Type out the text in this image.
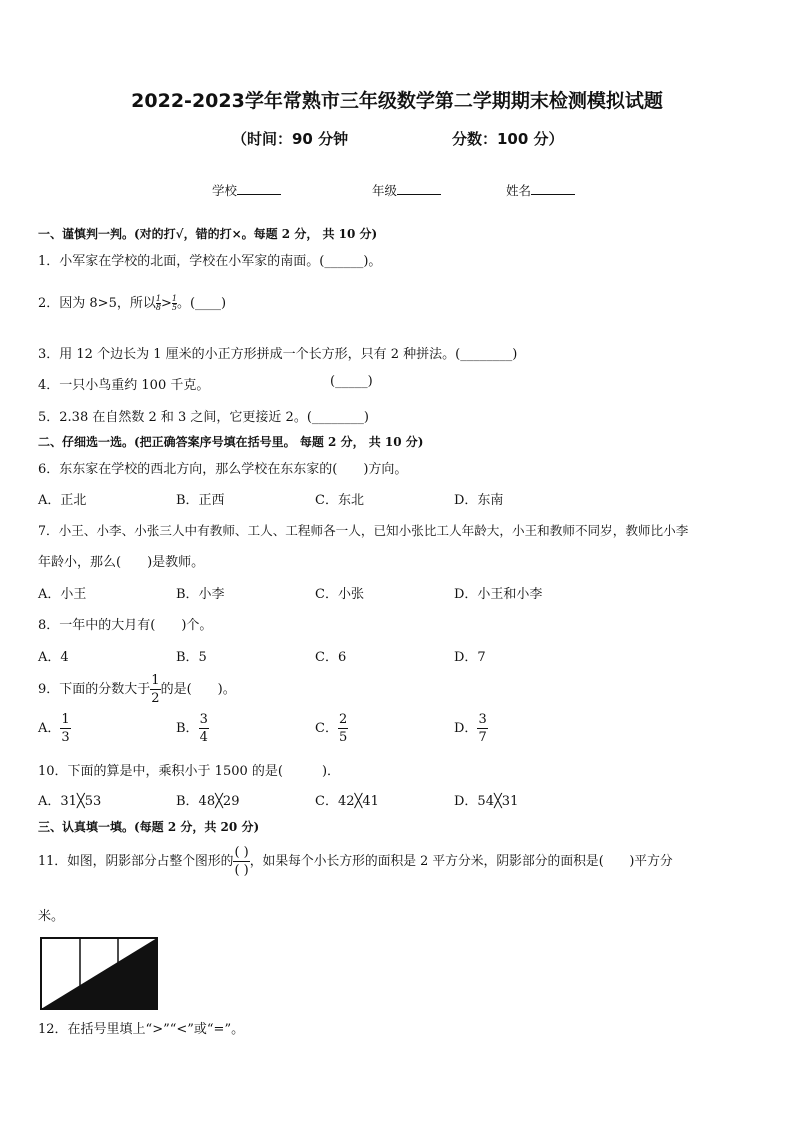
2022-2023学年常熟市三年级数学第二学期期末检测模拟试题
（时间：90 分钟	分数：100 分）
学校	年级	姓名
一、谨慎判一判。(对的打√，错的打×。每题 2 分， 共 10 分)
1．小军家在学校的北面，学校在小军家的南面。(______)。
2．因为 8>5，所以 $\frac{1}{8} > \frac{1}{5}$ 。(____)
3．用 12 个边长为 1 厘米的小正方形拼成一个长方形，只有 2 种拼法。(________)
4．一只小鸟重约 100 千克。	(_____)
5．2.38 在自然数 2 和 3 之间，它更接近 2。(________)
二、仔细选一选。(把正确答案序号填在括号里。 每题 2 分， 共 10 分)
6．东东家在学校的西北方向，那么学校在东东家的(　　)方向。
A．正北	B．正西	C．东北	D．东南
7．小王、小李、小张三人中有教师、工人、工程师各一人，已知小张比工人年龄大，小王和教师不同岁，教师比小李
年龄小，那么(　　)是教师。
A．小王	B．小李	C．小张	D．小王和小李
8．一年中的大月有(　　)个。
A．4	B．5	C．6	D．7
9．下面的分数大于 $\frac{1}{2}$ 的是(　　)。
A． $\frac{1}{3}$	B． $\frac{3}{4}$	C． $\frac{2}{5}$	D． $\frac{3}{7}$
10．下面的算是中，乘积小于 1500 的是(　　　)．
A．31╳53	B．48╳29	C．42╳41	D．54╳31
三、认真填一填。(每题 2 分，共 20 分)
11．如图，阴影部分占整个图形的 $\frac{( )}{( )}$ ，如果每个小长方形的面积是 2 平方分米，阴影部分的面积是(　　)平方分
米。
12．在括号里填上“>”“<”或“=”。
